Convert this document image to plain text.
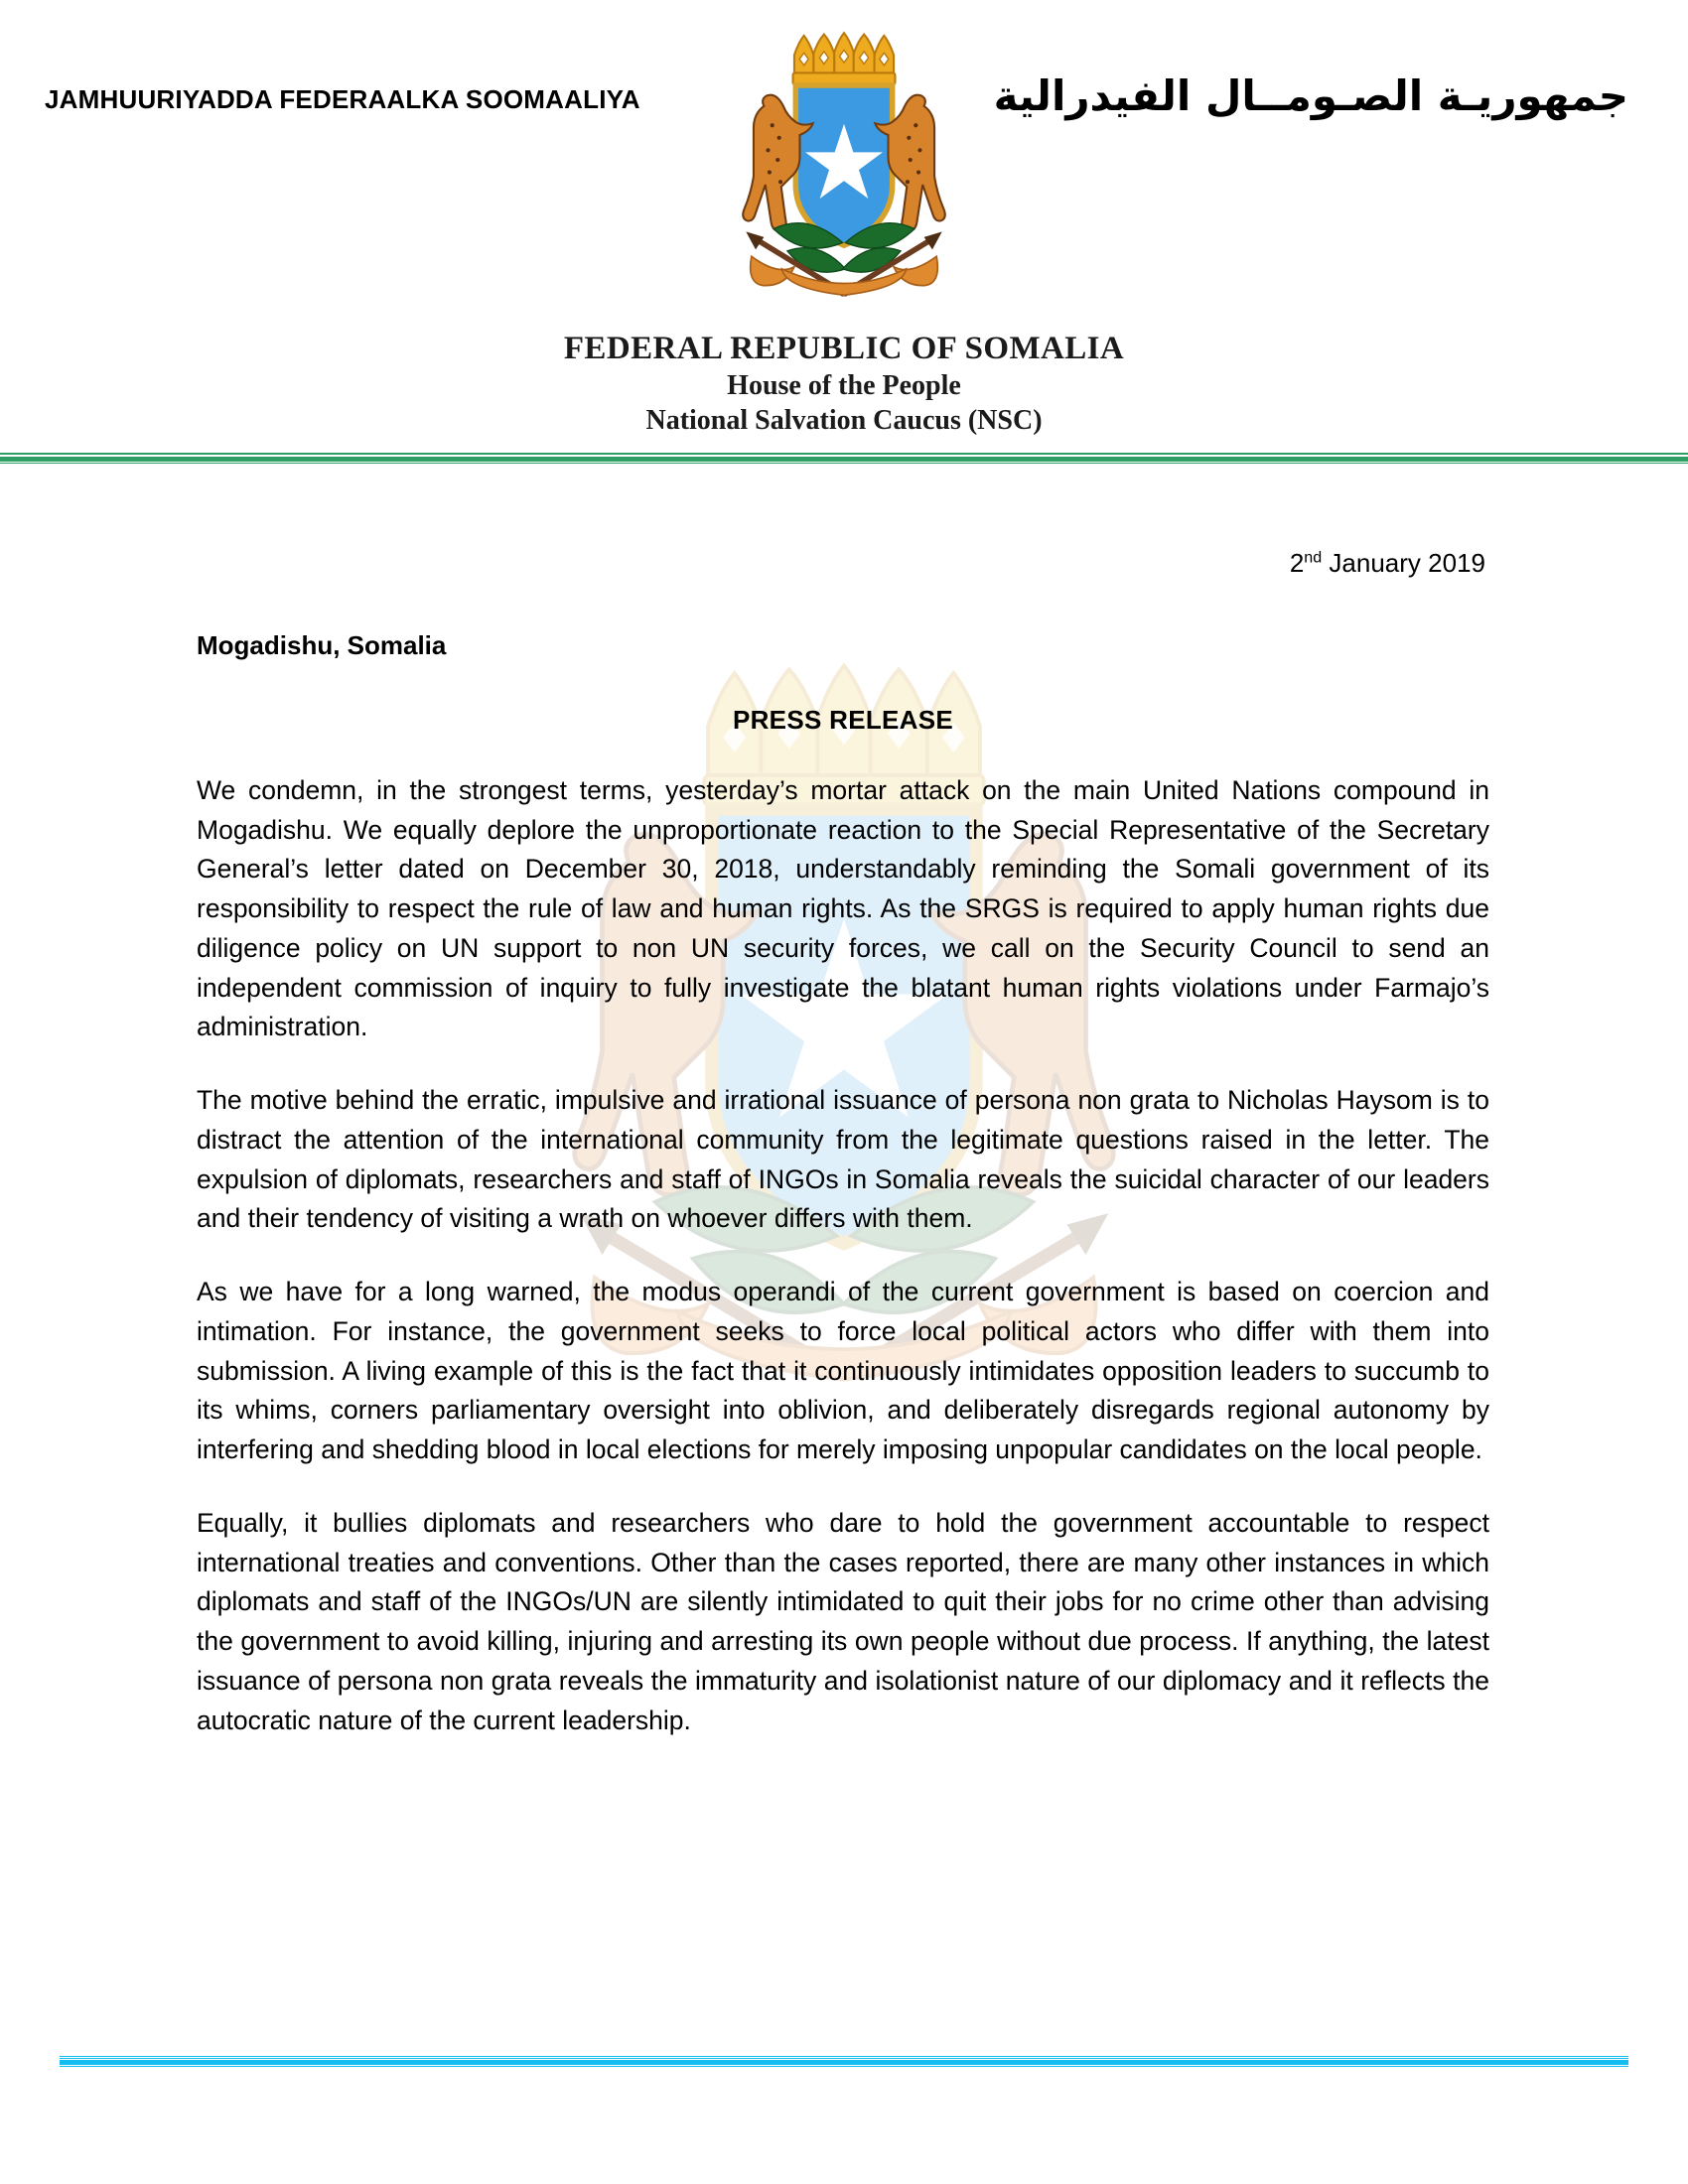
JAMHUURIYADDA FEDERAALKA SOOMAALIYA	جمهوريـة الصـومــال الفيدرالية
FEDERAL REPUBLIC OF SOMALIA
House of the People
National Salvation Caucus (NSC)
2nd January 2019
Mogadishu, Somalia
PRESS RELEASE

We condemn, in the strongest terms, yesterday’s mortar attack on the main United Nations compound in Mogadishu. We equally deplore the unproportionate reaction to the Special Representative of the Secretary General’s letter dated on December 30, 2018, understandably reminding the Somali government of its responsibility to respect the rule of law and human rights. As the SRGS is required to apply human rights due diligence policy on UN support to non UN security forces, we call on the Security Council to send an independent commission of inquiry to fully investigate the blatant human rights violations under Farmajo’s administration.

The motive behind the erratic, impulsive and irrational issuance of persona non grata to Nicholas Haysom is to distract the attention of the international community from the legitimate questions raised in the letter. The expulsion of diplomats, researchers and staff of INGOs in Somalia reveals the suicidal character of our leaders and their tendency of visiting a wrath on whoever differs with them.

As we have for a long warned, the modus operandi of the current government is based on coercion and intimation. For instance, the government seeks to force local political actors who differ with them into submission. A living example of this is the fact that it continuously intimidates opposition leaders to succumb to its whims, corners parliamentary oversight into oblivion, and deliberately disregards regional autonomy by interfering and shedding blood in local elections for merely imposing unpopular candidates on the local people.

Equally, it bullies diplomats and researchers who dare to hold the government accountable to respect international treaties and conventions. Other than the cases reported, there are many other instances in which diplomats and staff of the INGOs/UN are silently intimidated to quit their jobs for no crime other than advising the government to avoid killing, injuring and arresting its own people without due process. If anything, the latest issuance of persona non grata reveals the immaturity and isolationist nature of our diplomacy and it reflects the autocratic nature of the current leadership.
